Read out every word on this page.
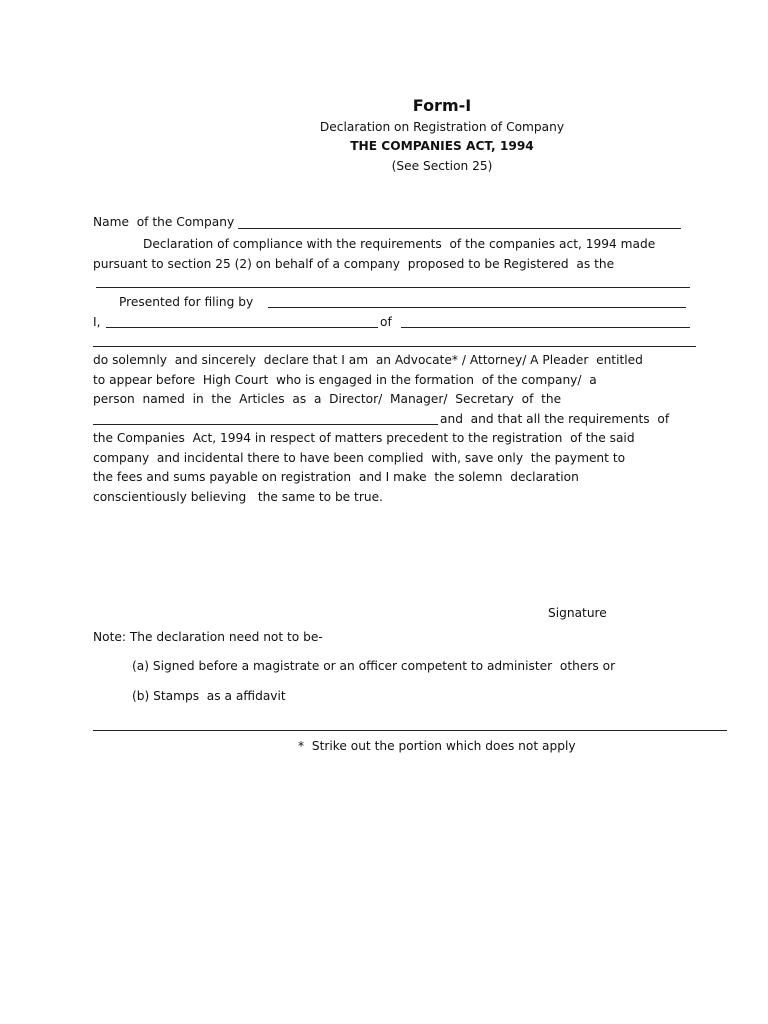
Form-I
Declaration on Registration of Company
THE COMPANIES ACT, 1994
(See Section 25)
Name  of the Company
Declaration of compliance with the requirements  of the companies act, 1994 made
pursuant to section 25 (2) on behalf of a company  proposed to be Registered  as the
Presented for filing by
I,	of
do solemnly  and sincerely  declare that I am  an Advocate* / Attorney/ A Pleader  entitled
to appear before  High Court  who is engaged in the formation  of the company/  a
person  named  in  the  Articles  as  a  Director/  Manager/  Secretary  of  the
and  and that all the requirements  of
the Companies  Act, 1994 in respect of matters precedent to the registration  of the said
company  and incidental there to have been complied  with, save only  the payment to
the fees and sums payable on registration  and I make  the solemn  declaration
conscientiously believing   the same to be true.
Signature
Note: The declaration need not to be-
(a) Signed before a magistrate or an officer competent to administer  others or
(b) Stamps  as a affidavit
*  Strike out the portion which does not apply
